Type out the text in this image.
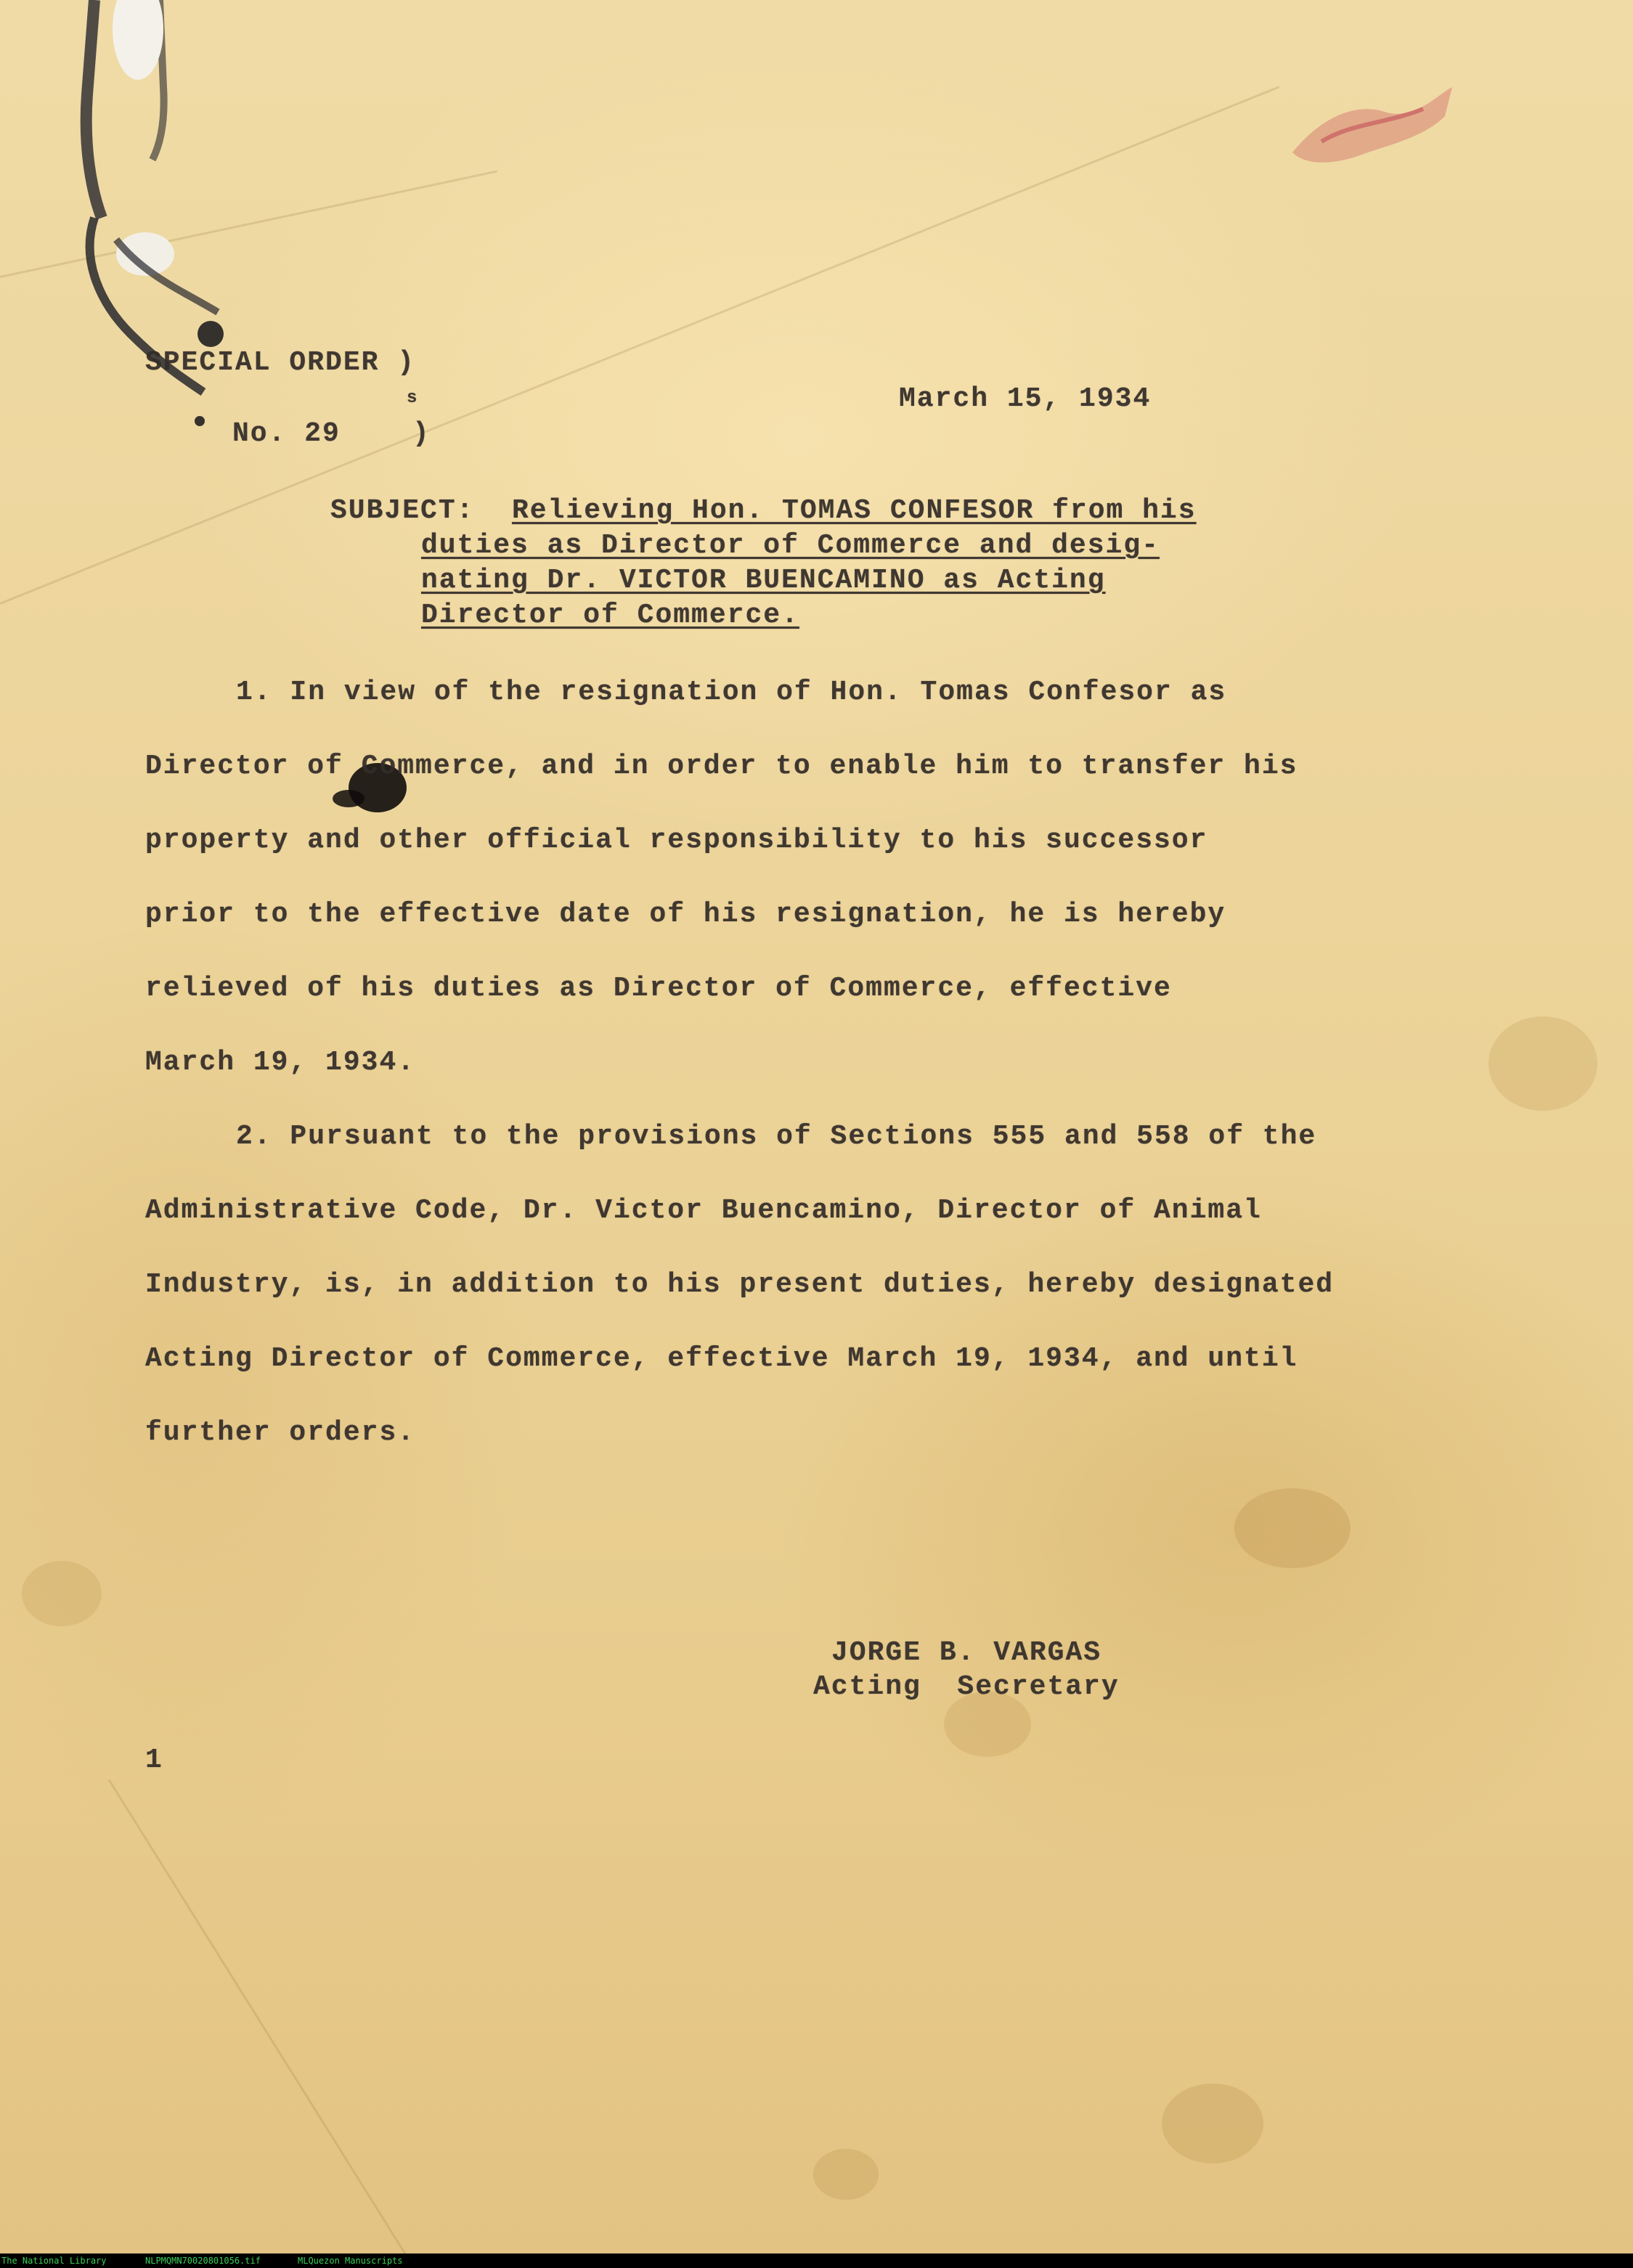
SPECIAL ORDER )
s
No. 29    )
March 15, 1934
SUBJECT: Relieving Hon. TOMAS CONFESOR from his
duties as Director of Commerce and desig-
nating Dr. VICTOR BUENCAMINO as Acting
Director of Commerce.
1. In view of the resignation of Hon. Tomas Confesor as
Director of Commerce, and in order to enable him to transfer his
property and other official responsibility to his successor
prior to the effective date of his resignation, he is hereby
relieved of his duties as Director of Commerce, effective
March 19, 1934.
2. Pursuant to the provisions of Sections 555 and 558 of the
Administrative Code, Dr. Victor Buencamino, Director of Animal
Industry, is, in addition to his present duties, hereby designated
Acting Director of Commerce, effective March 19, 1934, and until
further orders.
JORGE B. VARGAS
Acting  Secretary
1
The National Library	NLPMQMN70020801056.tif	MLQuezon Manuscripts
